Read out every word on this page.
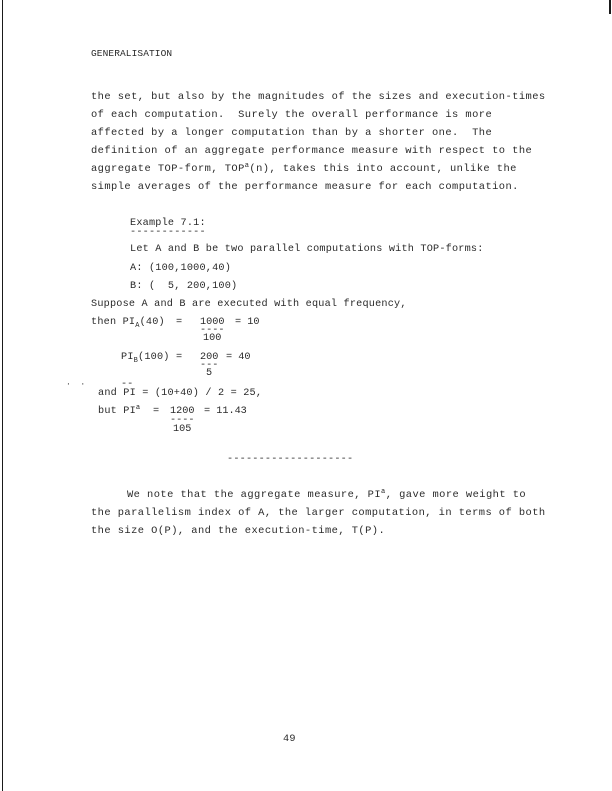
GENERALISATION
the set, but also by the magnitudes of the sizes and execution-times
of each computation.  Surely the overall performance is more
affected by a longer computation than by a shorter one.  The
definition of an aggregate performance measure with respect to the
aggregate TOP-form, TOP$^a$(n), takes this into account, unlike the
simple averages of the performance measure for each computation.
Example 7.1:
------------
Let A and B be two parallel computations with TOP-forms:
A: (100,1000,40)
B: (  5, 200,100)
Suppose A and B are executed with equal frequency,
then $PI_A(40) = 1000 = 10$
----
100
$PI_B(100) = 200 = 40$
---
5
·  ·	--
and PI = (10+40) / 2 = 25,
but $PI^a = 1200 = 11.43$
----
105
--------------------
We note that the aggregate measure, $PI^a$, gave more weight to
the parallelism index of A, the larger computation, in terms of both
the size O(P), and the execution-time, T(P).
49
